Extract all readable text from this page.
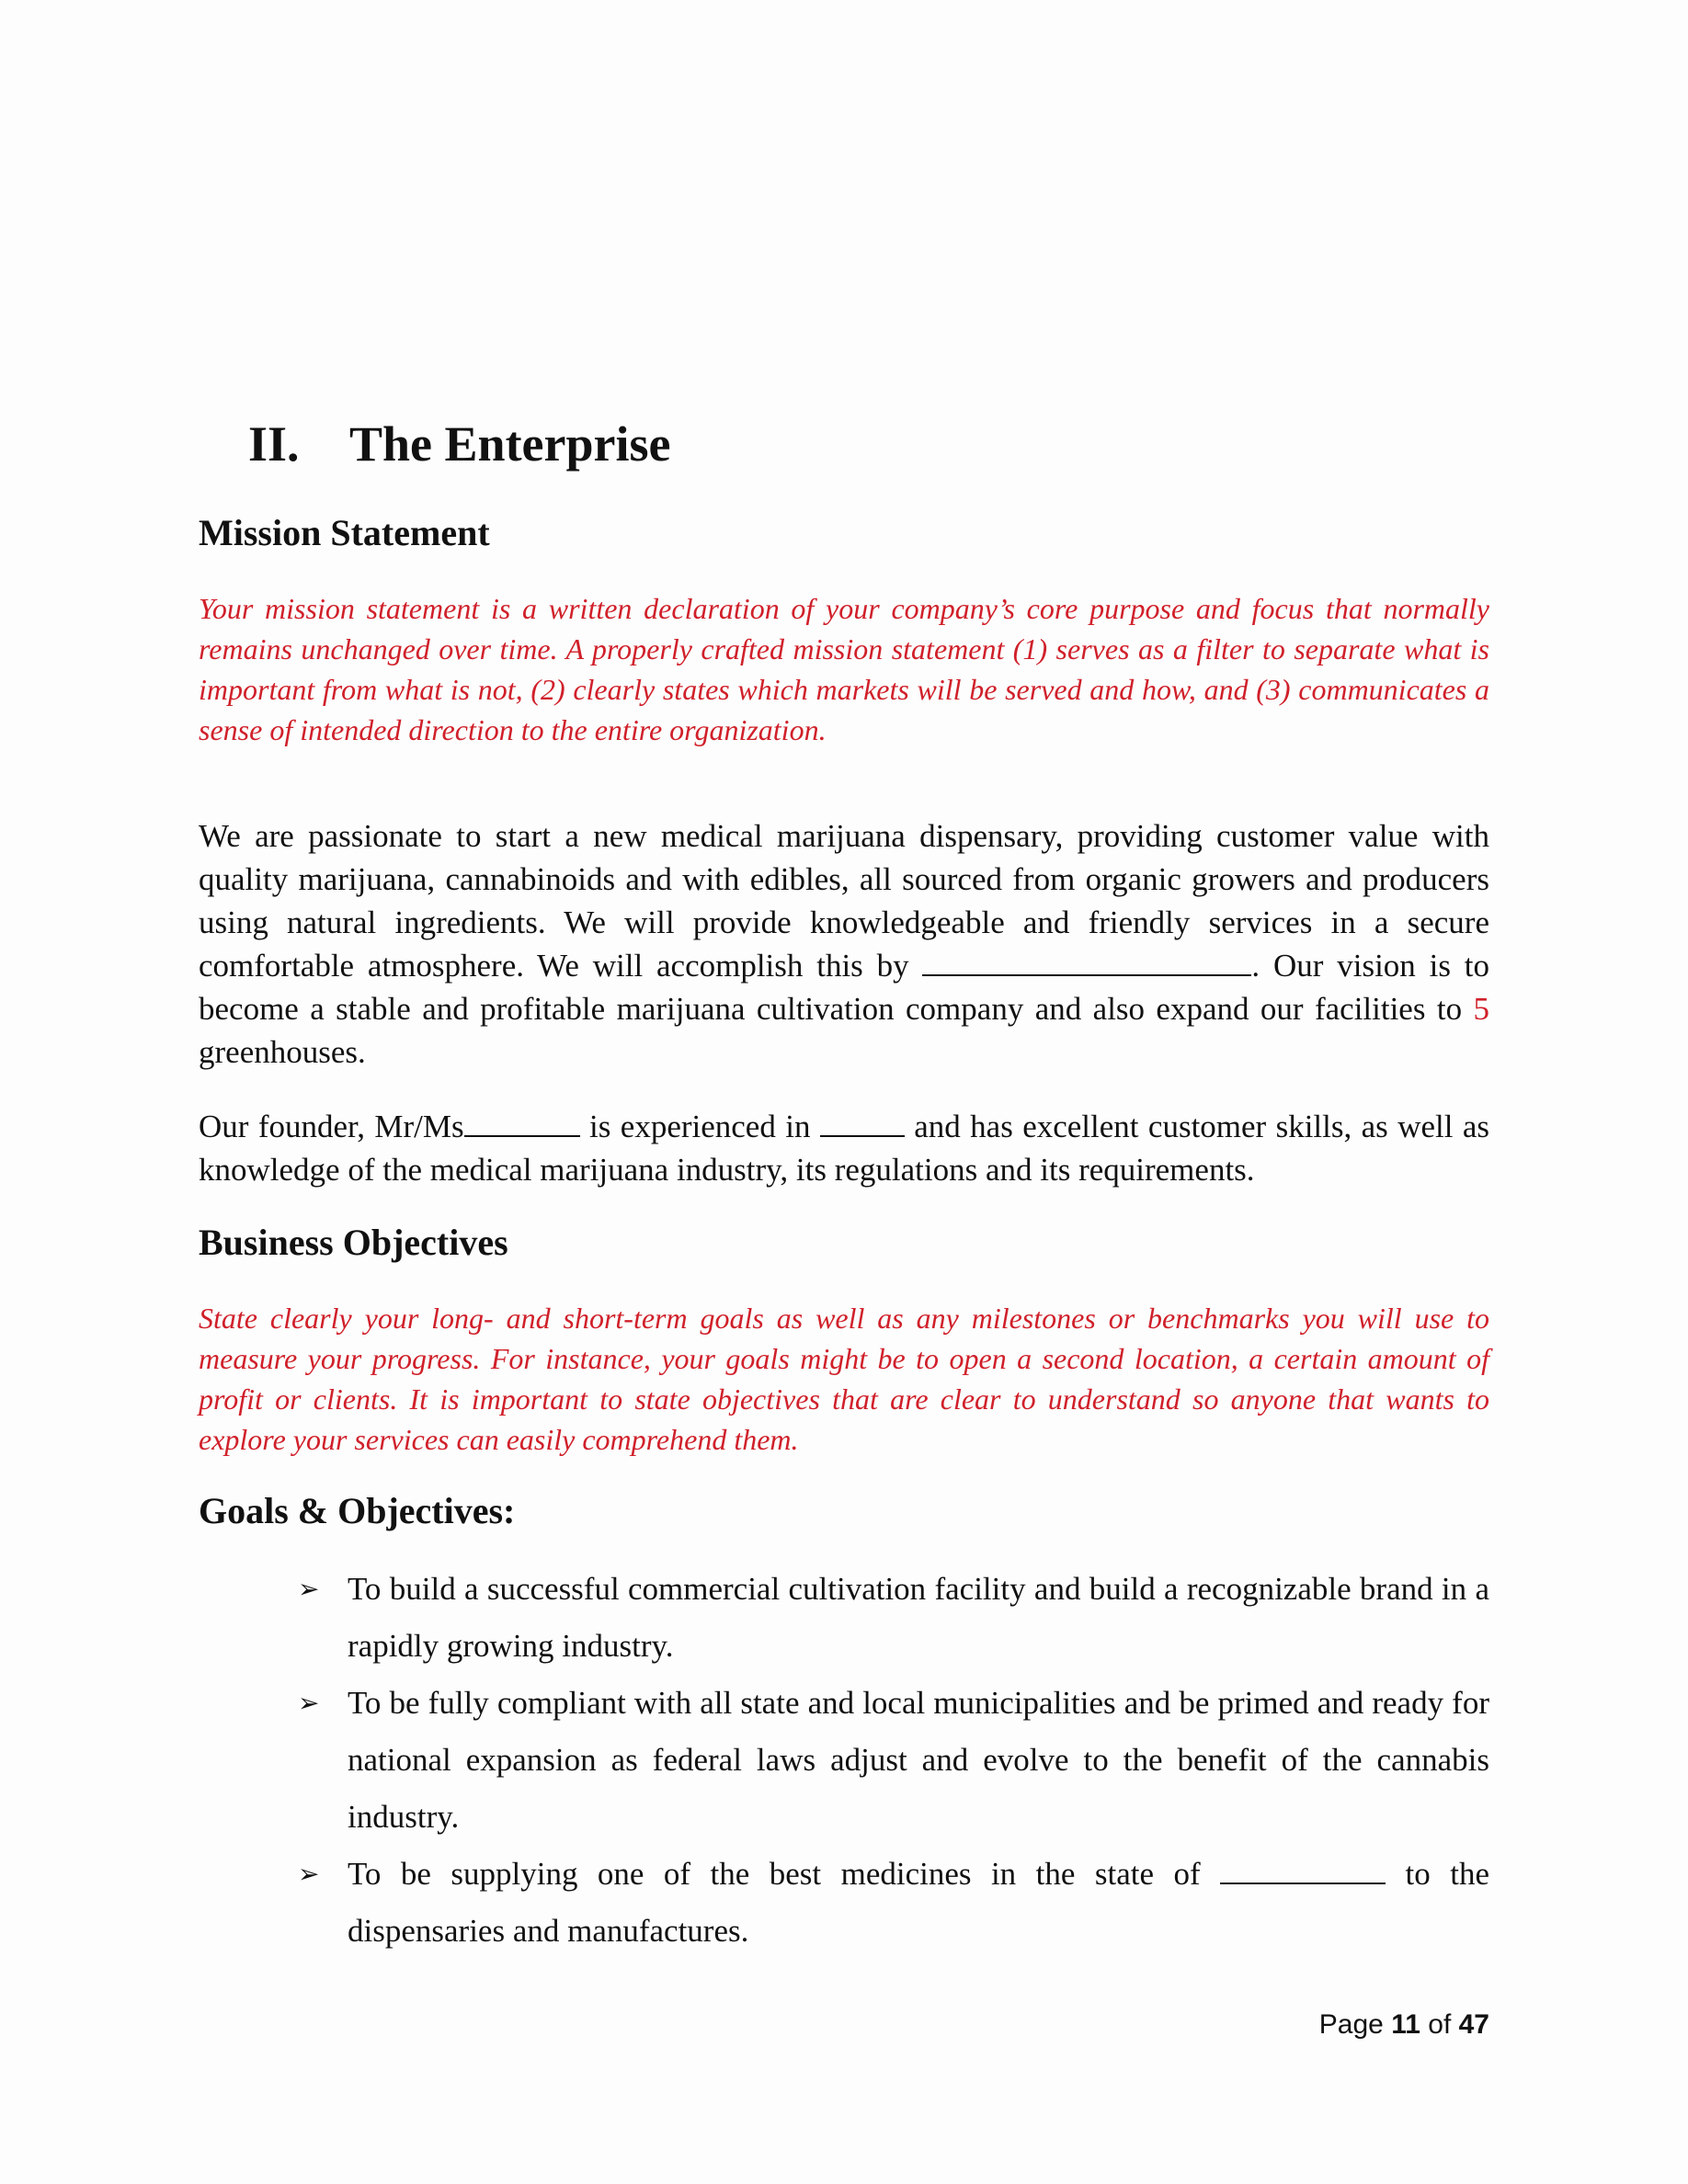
II.	The Enterprise
Mission Statement

Your mission statement is a written declaration of your company’s core purpose and focus that normally remains unchanged over time. A properly crafted mission statement (1) serves as a filter to separate what is important from what is not, (2) clearly states which markets will be served and how, and (3) communicates a sense of intended direction to the entire organization.

We are passionate to start a new medical marijuana dispensary, providing customer value with quality marijuana, cannabinoids and with edibles, all sourced from organic growers and producers using natural ingredients. We will provide knowledgeable and friendly services in a secure comfortable atmosphere. We will accomplish this by	. Our vision is to become a stable and profitable marijuana cultivation company and also expand our facilities to 5 greenhouses.

Our founder, Mr/Ms	is experienced in	and has excellent customer skills, as well as knowledge of the medical marijuana industry, its regulations and its requirements.

Business Objectives

State clearly your long- and short-term goals as well as any milestones or benchmarks you will use to measure your progress. For instance, your goals might be to open a second location, a certain amount of profit or clients. It is important to state objectives that are clear to understand so anyone that wants to explore your services can easily comprehend them.

Goals & Objectives:
➢ To build a successful commercial cultivation facility and build a recognizable brand in a rapidly growing industry.
➢ To be fully compliant with all state and local municipalities and be primed and ready for national expansion as federal laws adjust and evolve to the benefit of the cannabis industry.
➢ To be supplying one of the best medicines in the state of	to the dispensaries and manufactures.
Page 11 of 47
